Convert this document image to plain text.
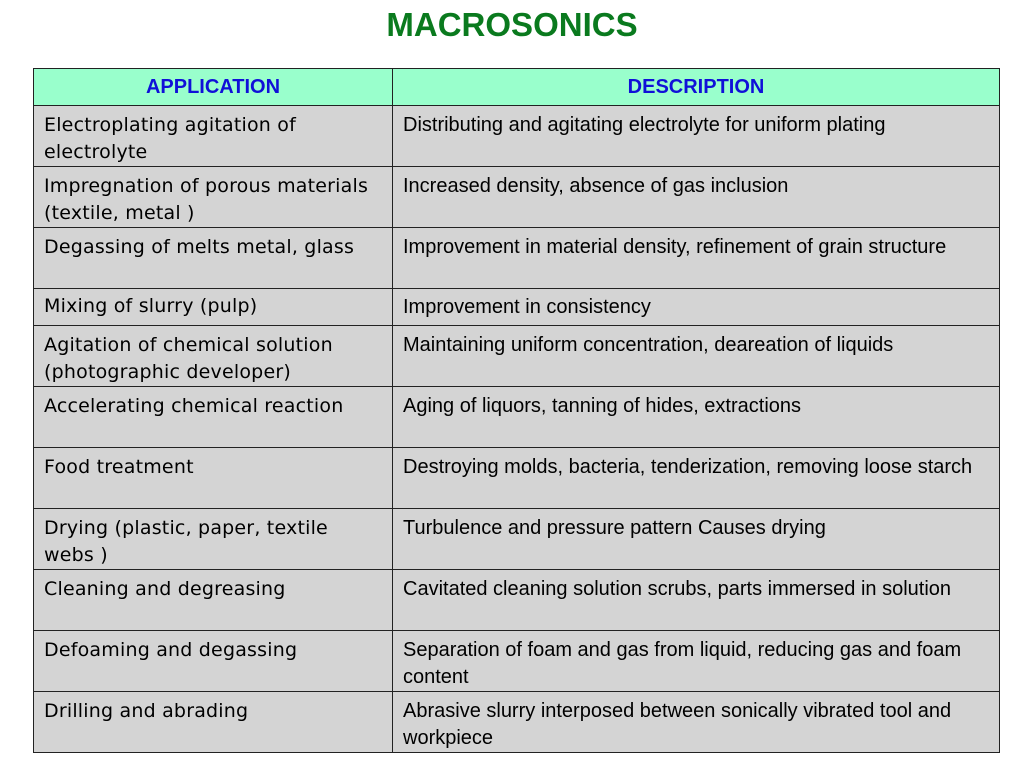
MACROSONICS
APPLICATION	DESCRIPTION
Electroplating agitation of electrolyte	Distributing and agitating electrolyte for uniform plating
Impregnation of porous materials (textile, metal )	Increased density, absence of gas inclusion
Degassing of melts metal, glass	Improvement in material density, refinement of grain structure
Mixing of slurry (pulp)	Improvement in consistency
Agitation of chemical solution (photographic developer)	Maintaining uniform concentration, deareation of liquids
Accelerating chemical reaction	Aging of liquors, tanning of hides, extractions
Food treatment	Destroying molds, bacteria, tenderization, removing loose starch
Drying (plastic, paper, textile webs )	Turbulence and pressure pattern Causes drying
Cleaning and degreasing	Cavitated cleaning solution scrubs, parts immersed in solution
Defoaming and degassing	Separation of foam and gas from liquid, reducing gas and foam content
Drilling and abrading	Abrasive slurry interposed between sonically vibrated tool and workpiece
